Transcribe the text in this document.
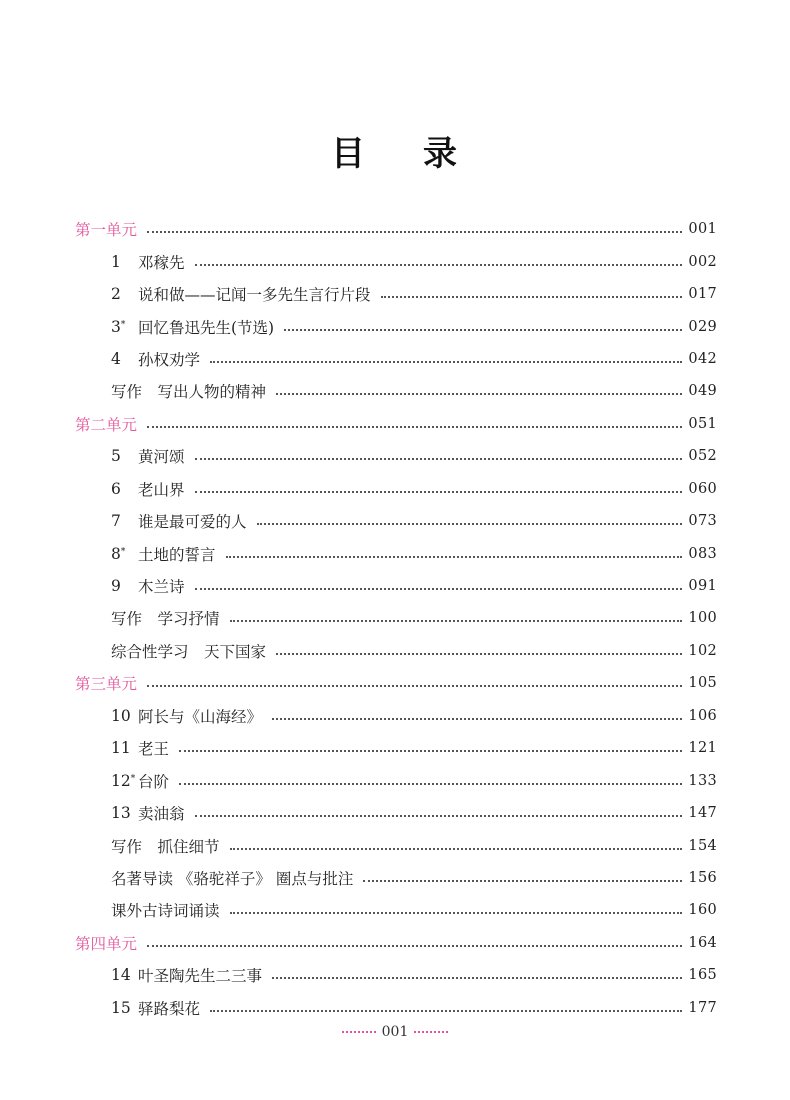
目 录
第一单元	001
1	邓稼先	002
2	说和做——记闻一多先生言行片段	017
3* 回忆鲁迅先生(节选)	029
4	孙权劝学	042
写作　写出人物的精神	049
第二单元	051
5	黄河颂	052
6	老山界	060
7	谁是最可爱的人	073
8* 土地的誓言	083
9	木兰诗	091
写作　学习抒情	100
综合性学习　天下国家	102
第三单元	105
10 阿长与《山海经》	106
11 老王	121
12* 台阶	133
13 卖油翁	147
写作　抓住细节	154
名著导读 《骆驼祥子》 圈点与批注	156
课外古诗词诵读	160
第四单元	164
14 叶圣陶先生二三事	165
15 驿路梨花	177
001
